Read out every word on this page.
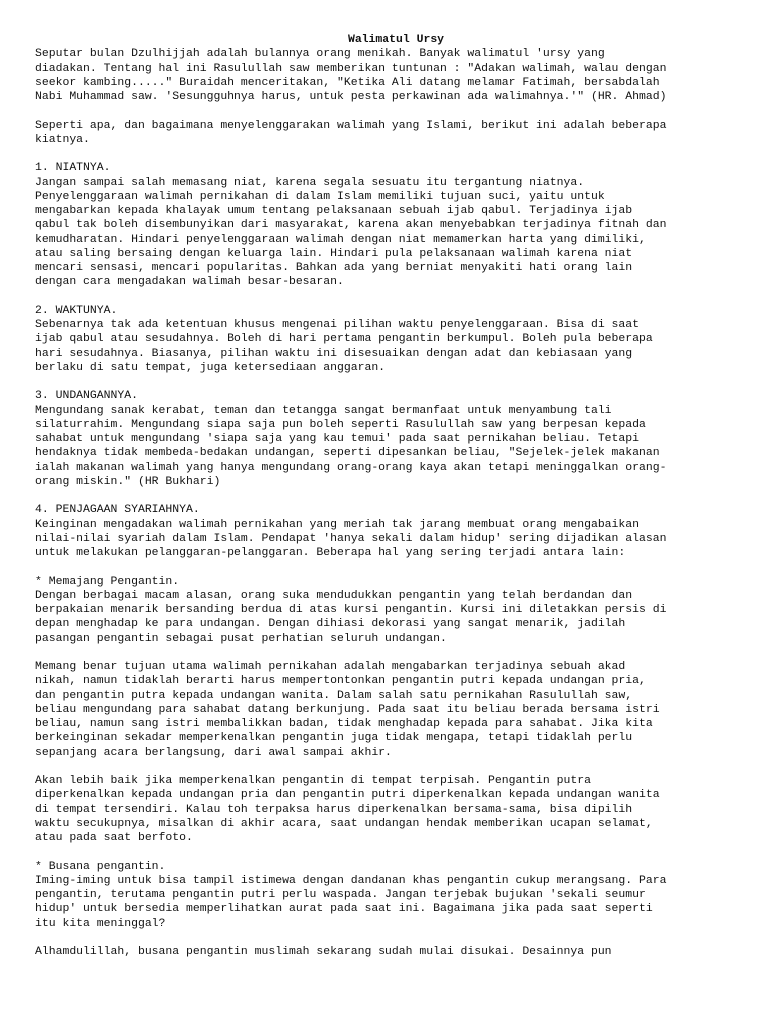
Walimatul Ursy
Seputar bulan Dzulhijjah adalah bulannya orang menikah. Banyak walimatul 'ursy yang
diadakan. Tentang hal ini Rasulullah saw memberikan tuntunan : "Adakan walimah, walau dengan
seekor kambing....." Buraidah menceritakan, "Ketika Ali datang melamar Fatimah, bersabdalah
Nabi Muhammad saw. 'Sesungguhnya harus, untuk pesta perkawinan ada walimahnya.'" (HR. Ahmad)
Seperti apa, dan bagaimana menyelenggarakan walimah yang Islami, berikut ini adalah beberapa
kiatnya.
1. NIATNYA.
Jangan sampai salah memasang niat, karena segala sesuatu itu tergantung niatnya.
Penyelenggaraan walimah pernikahan di dalam Islam memiliki tujuan suci, yaitu untuk
mengabarkan kepada khalayak umum tentang pelaksanaan sebuah ijab qabul. Terjadinya ijab
qabul tak boleh disembunyikan dari masyarakat, karena akan menyebabkan terjadinya fitnah dan
kemudharatan. Hindari penyelenggaraan walimah dengan niat memamerkan harta yang dimiliki,
atau saling bersaing dengan keluarga lain. Hindari pula pelaksanaan walimah karena niat
mencari sensasi, mencari popularitas. Bahkan ada yang berniat menyakiti hati orang lain
dengan cara mengadakan walimah besar-besaran.
2. WAKTUNYA.
Sebenarnya tak ada ketentuan khusus mengenai pilihan waktu penyelenggaraan. Bisa di saat
ijab qabul atau sesudahnya. Boleh di hari pertama pengantin berkumpul. Boleh pula beberapa
hari sesudahnya. Biasanya, pilihan waktu ini disesuaikan dengan adat dan kebiasaan yang
berlaku di satu tempat, juga ketersediaan anggaran.
3. UNDANGANNYA.
Mengundang sanak kerabat, teman dan tetangga sangat bermanfaat untuk menyambung tali
silaturrahim. Mengundang siapa saja pun boleh seperti Rasulullah saw yang berpesan kepada
sahabat untuk mengundang 'siapa saja yang kau temui' pada saat pernikahan beliau. Tetapi
hendaknya tidak membeda-bedakan undangan, seperti dipesankan beliau, "Sejelek-jelek makanan
ialah makanan walimah yang hanya mengundang orang-orang kaya akan tetapi meninggalkan orang-
orang miskin." (HR Bukhari)
4. PENJAGAAN SYARIAHNYA.
Keinginan mengadakan walimah pernikahan yang meriah tak jarang membuat orang mengabaikan
nilai-nilai syariah dalam Islam. Pendapat 'hanya sekali dalam hidup' sering dijadikan alasan
untuk melakukan pelanggaran-pelanggaran. Beberapa hal yang sering terjadi antara lain:
* Memajang Pengantin.
Dengan berbagai macam alasan, orang suka mendudukkan pengantin yang telah berdandan dan
berpakaian menarik bersanding berdua di atas kursi pengantin. Kursi ini diletakkan persis di
depan menghadap ke para undangan. Dengan dihiasi dekorasi yang sangat menarik, jadilah
pasangan pengantin sebagai pusat perhatian seluruh undangan.
Memang benar tujuan utama walimah pernikahan adalah mengabarkan terjadinya sebuah akad
nikah, namun tidaklah berarti harus mempertontonkan pengantin putri kepada undangan pria,
dan pengantin putra kepada undangan wanita. Dalam salah satu pernikahan Rasulullah saw,
beliau mengundang para sahabat datang berkunjung. Pada saat itu beliau berada bersama istri
beliau, namun sang istri membalikkan badan, tidak menghadap kepada para sahabat. Jika kita
berkeinginan sekadar memperkenalkan pengantin juga tidak mengapa, tetapi tidaklah perlu
sepanjang acara berlangsung, dari awal sampai akhir.
Akan lebih baik jika memperkenalkan pengantin di tempat terpisah. Pengantin putra
diperkenalkan kepada undangan pria dan pengantin putri diperkenalkan kepada undangan wanita
di tempat tersendiri. Kalau toh terpaksa harus diperkenalkan bersama-sama, bisa dipilih
waktu secukupnya, misalkan di akhir acara, saat undangan hendak memberikan ucapan selamat,
atau pada saat berfoto.
* Busana pengantin.
Iming-iming untuk bisa tampil istimewa dengan dandanan khas pengantin cukup merangsang. Para
pengantin, terutama pengantin putri perlu waspada. Jangan terjebak bujukan 'sekali seumur
hidup' untuk bersedia memperlihatkan aurat pada saat ini. Bagaimana jika pada saat seperti
itu kita meninggal?
Alhamdulillah, busana pengantin muslimah sekarang sudah mulai disukai. Desainnya pun
